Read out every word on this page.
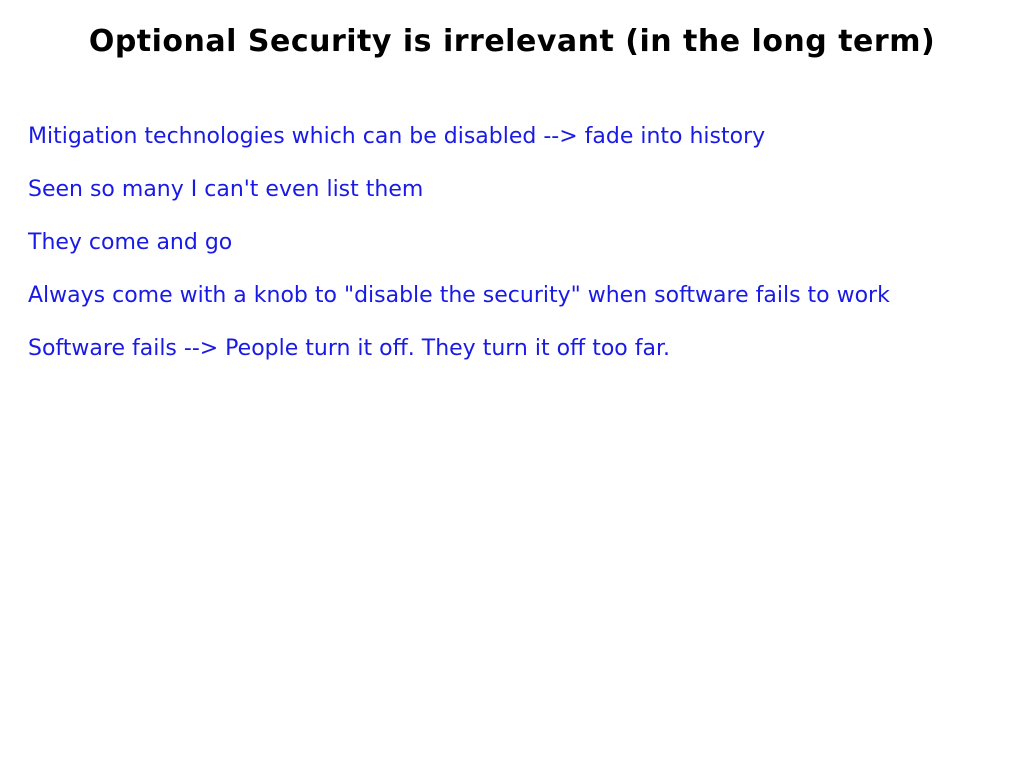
Optional Security is irrelevant (in the long term)
Mitigation technologies which can be disabled --> fade into history
Seen so many I can't even list them
They come and go
Always come with a knob to "disable the security" when software fails to work
Software fails --> People turn it off. They turn it off too far.
